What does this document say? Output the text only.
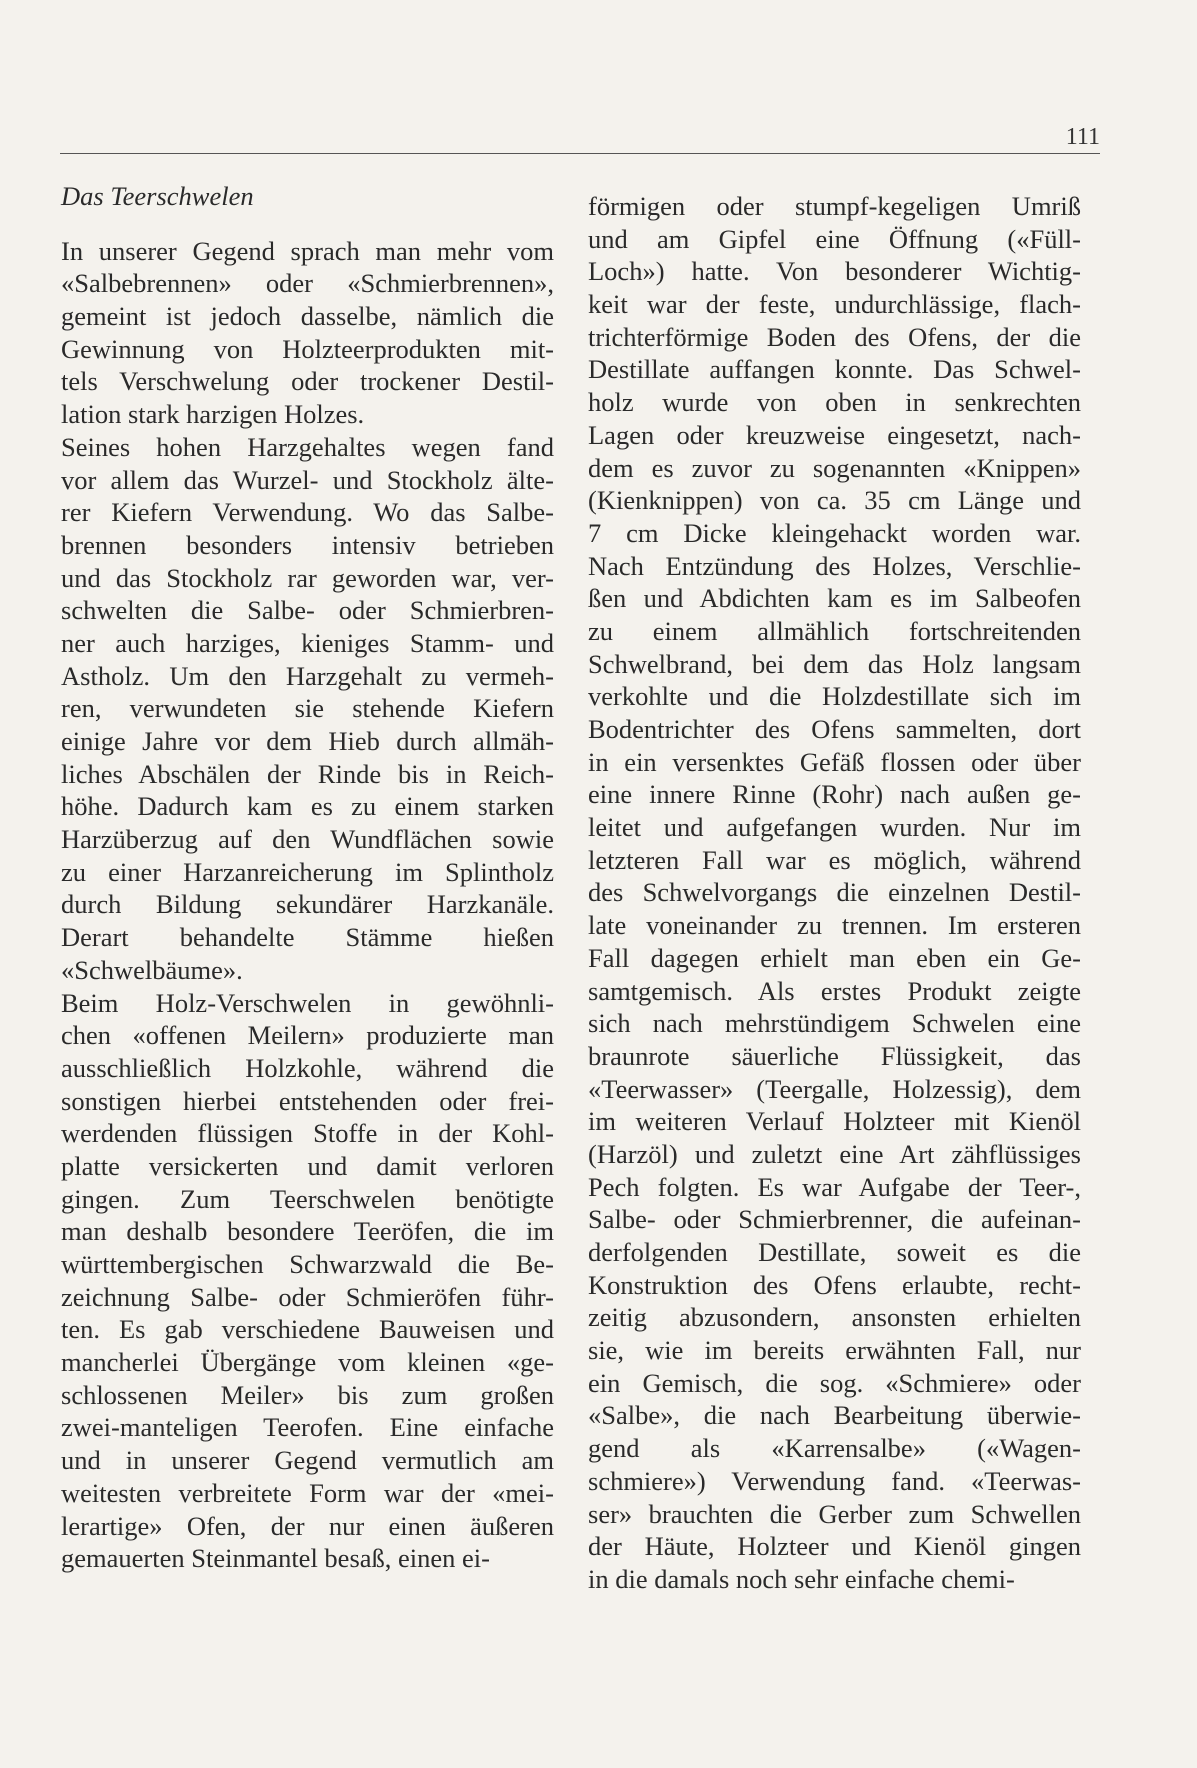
111
Das Teerschwelen
In unserer Gegend sprach man mehr vom
«Salbebrennen» oder «Schmierbrennen»,
gemeint ist jedoch dasselbe, nämlich die
Gewinnung von Holzteerprodukten mit-
tels Verschwelung oder trockener Destil-
lation stark harzigen Holzes.
Seines hohen Harzgehaltes wegen fand
vor allem das Wurzel- und Stockholz älte-
rer Kiefern Verwendung. Wo das Salbe-
brennen besonders intensiv betrieben
und das Stockholz rar geworden war, ver-
schwelten die Salbe- oder Schmierbren-
ner auch harziges, kieniges Stamm- und
Astholz. Um den Harzgehalt zu vermeh-
ren, verwundeten sie stehende Kiefern
einige Jahre vor dem Hieb durch allmäh-
liches Abschälen der Rinde bis in Reich-
höhe. Dadurch kam es zu einem starken
Harzüberzug auf den Wundflächen sowie
zu einer Harzanreicherung im Splintholz
durch Bildung sekundärer Harzkanäle.
Derart behandelte Stämme hießen
«Schwelbäume».
Beim Holz-Verschwelen in gewöhnli-
chen «offenen Meilern» produzierte man
ausschließlich Holzkohle, während die
sonstigen hierbei entstehenden oder frei-
werdenden flüssigen Stoffe in der Kohl-
platte versickerten und damit verloren
gingen. Zum Teerschwelen benötigte
man deshalb besondere Teeröfen, die im
württembergischen Schwarzwald die Be-
zeichnung Salbe- oder Schmieröfen führ-
ten. Es gab verschiedene Bauweisen und
mancherlei Übergänge vom kleinen «ge-
schlossenen Meiler» bis zum großen
zwei-manteligen Teerofen. Eine einfache
und in unserer Gegend vermutlich am
weitesten verbreitete Form war der «mei-
lerartige» Ofen, der nur einen äußeren
gemauerten Steinmantel besaß, einen ei-
förmigen oder stumpf-kegeligen Umriß
und am Gipfel eine Öffnung («Füll-
Loch») hatte. Von besonderer Wichtig-
keit war der feste, undurchlässige, flach-
trichterförmige Boden des Ofens, der die
Destillate auffangen konnte. Das Schwel-
holz wurde von oben in senkrechten
Lagen oder kreuzweise eingesetzt, nach-
dem es zuvor zu sogenannten «Knippen»
(Kienknippen) von ca. 35 cm Länge und
7 cm Dicke kleingehackt worden war.
Nach Entzündung des Holzes, Verschlie-
ßen und Abdichten kam es im Salbeofen
zu einem allmählich fortschreitenden
Schwelbrand, bei dem das Holz langsam
verkohlte und die Holzdestillate sich im
Bodentrichter des Ofens sammelten, dort
in ein versenktes Gefäß flossen oder über
eine innere Rinne (Rohr) nach außen ge-
leitet und aufgefangen wurden. Nur im
letzteren Fall war es möglich, während
des Schwelvorgangs die einzelnen Destil-
late voneinander zu trennen. Im ersteren
Fall dagegen erhielt man eben ein Ge-
samtgemisch. Als erstes Produkt zeigte
sich nach mehrstündigem Schwelen eine
braunrote säuerliche Flüssigkeit, das
«Teerwasser» (Teergalle, Holzessig), dem
im weiteren Verlauf Holzteer mit Kienöl
(Harzöl) und zuletzt eine Art zähflüssiges
Pech folgten. Es war Aufgabe der Teer-,
Salbe- oder Schmierbrenner, die aufeinan-
derfolgenden Destillate, soweit es die
Konstruktion des Ofens erlaubte, recht-
zeitig abzusondern, ansonsten erhielten
sie, wie im bereits erwähnten Fall, nur
ein Gemisch, die sog. «Schmiere» oder
«Salbe», die nach Bearbeitung überwie-
gend als «Karrensalbe» («Wagen-
schmiere») Verwendung fand. «Teerwas-
ser» brauchten die Gerber zum Schwellen
der Häute, Holzteer und Kienöl gingen
in die damals noch sehr einfache chemi-
